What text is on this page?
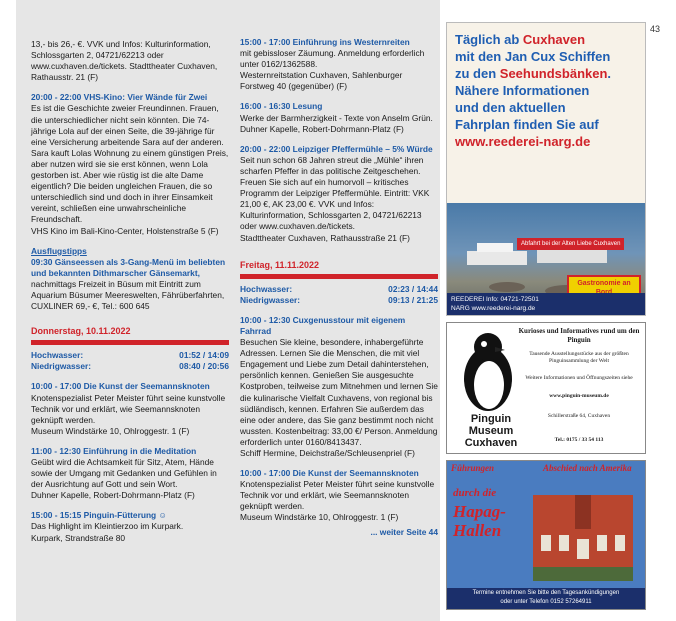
13,- bis 26,- €. VVK und Infos: Kulturinformation, Schlossgarten 2, 04721/62213 oder www.cuxhaven.de/tickets. Stadttheater Cuxhaven, Rathausstr. 21 (F)

20:00 - 22:00 VHS-Kino: Vier Wände für Zwei

Es ist die Geschichte zweier Freundinnen. Frauen, die unterschiedlicher nicht sein könnten. Die 74-jährige Lola auf der einen Seite, die 39-jährige für eine Versicherung arbeitende Sara auf der anderen. Sara kauft Lolas Wohnung zu einem günstigen Preis, aber nutzen wird sie sie erst können, wenn Lola gestorben ist. Aber wie rüstig ist die alte Dame eigentlich? Die beiden ungleichen Frauen, die so unterschiedlich sind und doch in ihrer Einsamkeit vereint, schließen eine unwahrscheinliche Freundschaft.

VHS Kino im Bali-Kino-Center, Holstenstraße 5 (F)

Ausflugstipps

09:30 Gänseessen als 3-Gang-Menü im beliebten und bekannten Dithmarscher Gänsemarkt,

nachmittags Freizeit in Büsum mit Eintritt zum Aquarium Büsumer Meereswelten, Fährüberfahrten, CUXLINER 69,- €, Tel.: 600 645

Donnerstag, 10.11.2022

Hochwasser:	01:52 / 14:09
Niedrigwasser:	08:40 / 20:56

10:00 - 17:00 Die Kunst der Seemannsknoten

Knotenspezialist Peter Meister führt seine kunstvolle Technik vor und erklärt, wie Seemannsknoten geknüpft werden.

Museum Windstärke 10, Ohlroggestr. 1 (F)

11:00 - 12:30 Einführung in die Meditation

Geübt wird die Achtsamkeit für Sitz, Atem, Hände sowie der Umgang mit Gedanken und Gefühlen in der Ausrichtung auf Gott und sein Wort.

Duhner Kapelle, Robert-Dohrmann-Platz (F)

15:00 - 15:15 Pinguin-Fütterung ☺

Das Highlight im Kleintierzoo im Kurpark.

Kurpark, Strandstraße 80

15:00 - 17:00 Einführung ins Westernreiten

mit gebissloser Zäumung. Anmeldung erforderlich unter 0162/1362588.

Westernreitstation Cuxhaven, Sahlenburger Forstweg 40 (gegenüber) (F)

16:00 - 16:30 Lesung

Werke der Barmherzigkeit - Texte von Anselm Grün.

Duhner Kapelle, Robert-Dohrmann-Platz (F)

20:00 - 22:00 Leipziger Pfeffermühle – 5% Würde

Seit nun schon 68 Jahren streut die „Mühle“ ihren scharfen Pfeffer in das politische Zeitgeschehen. Freuen Sie sich auf ein humorvoll – kritisches Programm der Leipziger Pfeffermühle. Eintritt: VKK 21,00 €, AK 23,00 €. VVK und Infos: Kulturinformation, Schlossgarten 2, 04721/62213 oder www.cuxhaven.de/tickets.

Stadttheater Cuxhaven, Rathausstraße 21 (F)

Freitag, 11.11.2022

Hochwasser:	02:23 / 14:44
Niedrigwasser:	09:13 / 21:25

10:00 - 12:30 Cuxgenusstour mit eigenem Fahrrad

Besuchen Sie kleine, besondere, inhabergeführte Adressen. Lernen Sie die Menschen, die mit viel Engagement und Liebe zum Detail dahinterstehen, persönlich kennen. Genießen Sie ausgesuchte Kostproben, teilweise zum Mitnehmen und lernen Sie die kulinarische Vielfalt Cuxhavens, von regional bis südländisch, kennen. Erfahren Sie außerdem das eine oder andere, das Sie ganz bestimmt noch nicht wussten. Kostenbeitrag: 33,00 €/ Person. Anmeldung erforderlich unter 0160/8413437.

Schiff Hermine, Deichstraße/Schleusenpriel (F)

10:00 - 17:00 Die Kunst der Seemannsknoten

Knotenspezialist Peter Meister führt seine kunstvolle Technik vor und erklärt, wie Seemannsknoten geknüpft werden.

Museum Windstärke 10, Ohlroggestr. 1 (F)

... weiter Seite 44

43
Täglich ab Cuxhaven
mit den Jan Cux Schiffen
zu den Seehundsbänken.
Nähere Informationen
und den aktuellen
Fahrplan finden Sie auf
www.reederei-narg.de
Abfahrt bei der Alten Liebe Cuxhaven
Gastronomie an
REEDEREI Info: 04721-72501
NARG www.reederei-narg.de
Pinguin Museum Cuxhaven
Kurioses und Informatives rund um den Pinguin
Tausende Ausstellungsstücke aus der größten Pinguinsammlung der Welt
Weitere Informationen und Öffnungszeiten siehe
www.pinguin-museum.de
Schillerstraße 64, Cuxhaven
Tel.: 0175 / 33 54 113
Führungen	Abschied nach Amerika
durch die
Hapag-
Hallen
Termine entnehmen Sie bitte den Tagesankündigungen
oder unter Telefon 0152 57264911
